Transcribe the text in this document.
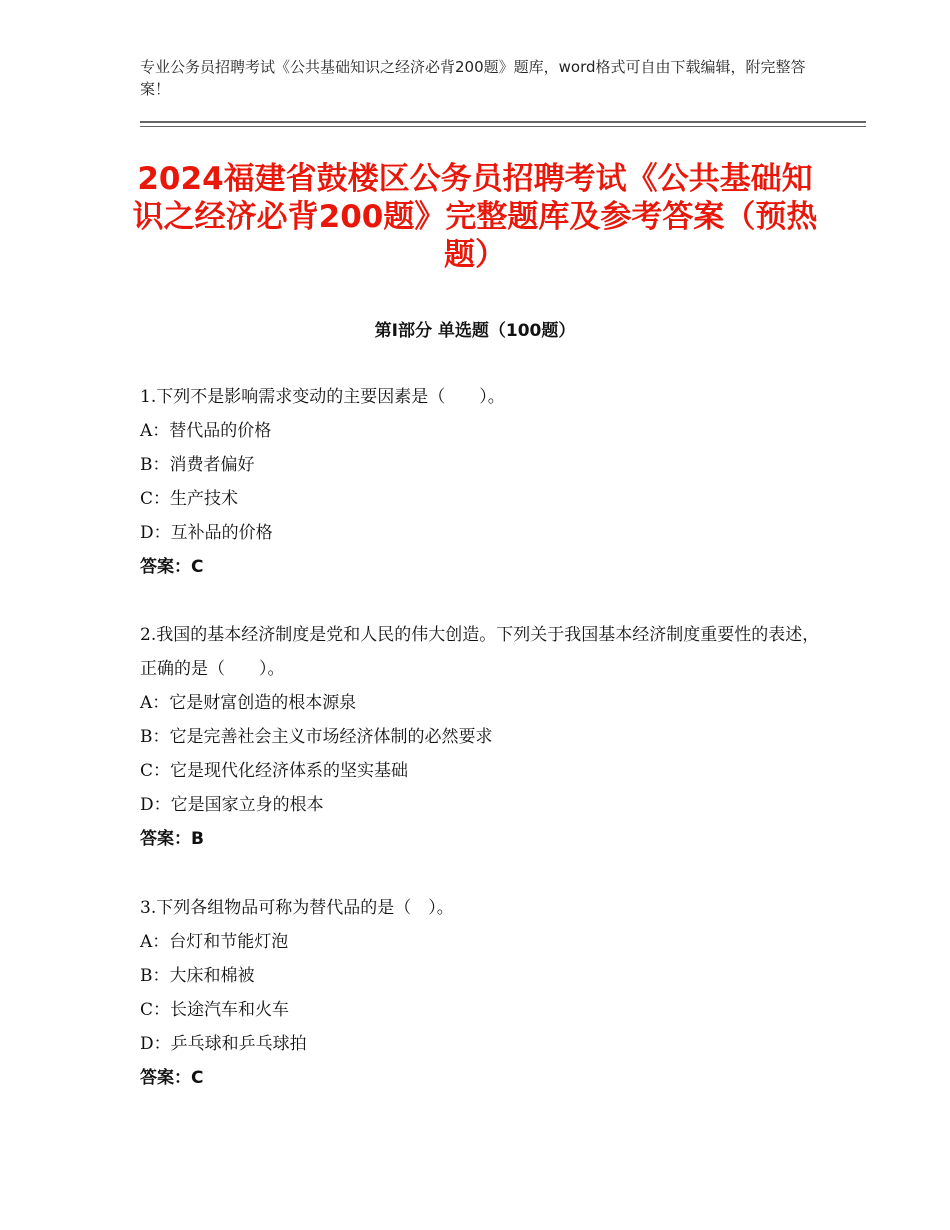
专业公务员招聘考试《公共基础知识之经济必背200题》题库，word格式可自由下载编辑，附完整答案！
2024福建省鼓楼区公务员招聘考试《公共基础知识之经济必背200题》完整题库及参考答案（预热题）
第Ⅰ部分 单选题（100题）
1.下列不是影响需求变动的主要因素是（　　）。
A：替代品的价格
B：消费者偏好
C：生产技术
D：互补品的价格
答案：C
2.我国的基本经济制度是党和人民的伟大创造。下列关于我国基本经济制度重要性的表述，正确的是（　　）。
A：它是财富创造的根本源泉
B：它是完善社会主义市场经济体制的必然要求
C：它是现代化经济体系的坚实基础
D：它是国家立身的根本
答案：B
3.下列各组物品可称为替代品的是（　）。
A：台灯和节能灯泡
B：大床和棉被
C：长途汽车和火车
D：乒乓球和乒乓球拍
答案：C
